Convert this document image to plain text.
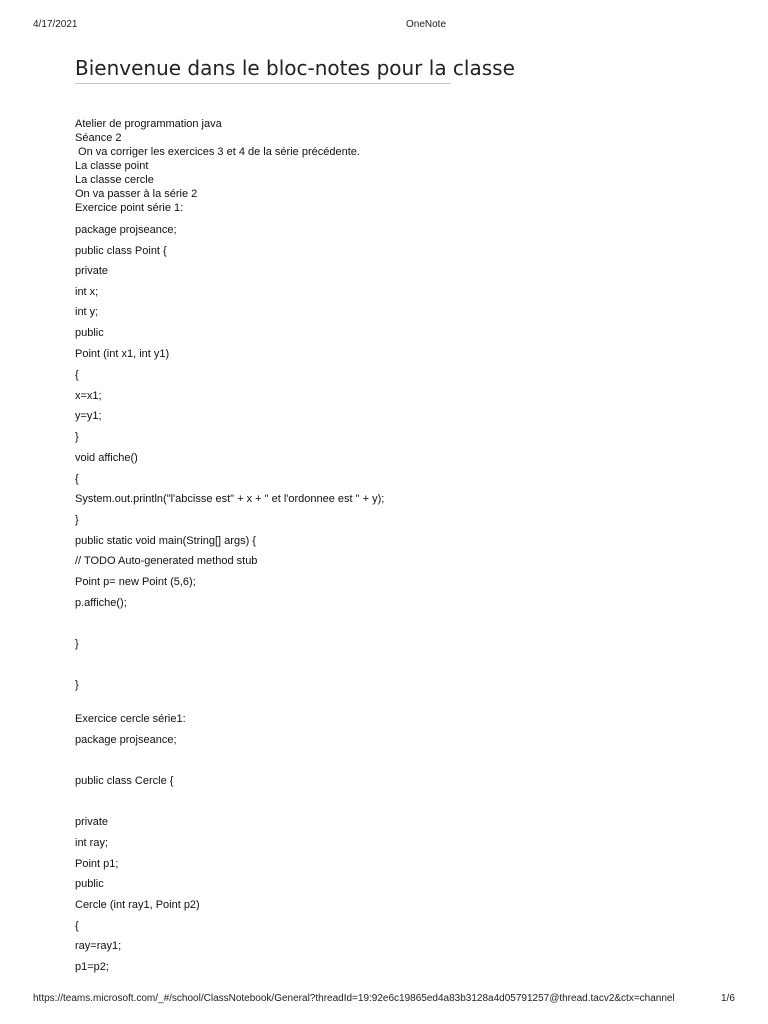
4/17/2021	OneNote
Bienvenue dans le bloc-notes pour la classe
Atelier de programmation java
Séance 2
On va corriger les exercices 3 et 4 de la série précédente.
La classe point
La classe cercle
On va passer à la série 2
Exercice point série 1:
package projseance;
public class Point {
private
int x;
int y;
public
Point (int x1, int y1)
{
x=x1;
y=y1;
}
void affiche()
{
System.out.println("l'abcisse est" + x + " et l'ordonnee est " + y);
}
public static void main(String[] args) {
// TODO Auto-generated method stub
Point p= new Point (5,6);
p.affiche();
}
}
Exercice cercle série1:
package projseance;
public class Cercle {
private
int ray;
Point p1;
public
Cercle (int ray1, Point p2)
{
ray=ray1;
p1=p2;
https://teams.microsoft.com/_#/school/ClassNotebook/General?threadId=19:92e6c19865ed4a83b3128a4d05791257@thread.tacv2&ctx=channel	1/6
